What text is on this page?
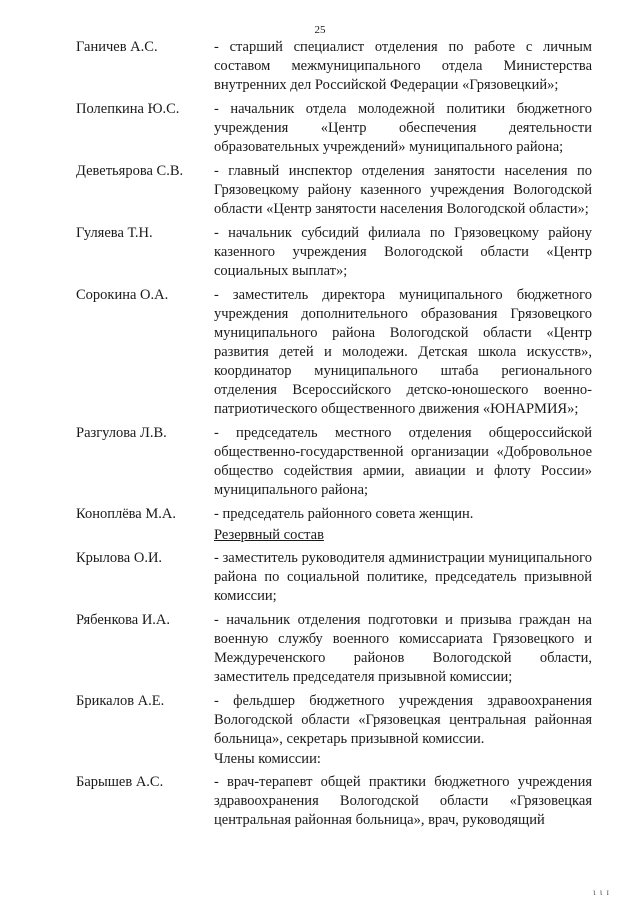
25
Ганичев А.С.	- старший специалист отделения по работе с личным составом межмуниципального отдела Министерства внутренних дел Российской Федерации «Грязовецкий»;
Полепкина Ю.С.	- начальник отдела молодежной политики бюджетного учреждения «Центр обеспечения деятельности образовательных учреждений» муниципального района;
Деветьярова С.В.	- главный инспектор отделения занятости населения по Грязовецкому району казенного учреждения Вологодской области «Центр занятости населения Вологодской области»;
Гуляева Т.Н.	- начальник субсидий филиала по Грязовецкому району казенного учреждения Вологодской области «Центр социальных выплат»;
Сорокина О.А.	- заместитель директора муниципального бюджетного учреждения дополнительного образования Грязовецкого муниципального района Вологодской области «Центр развития детей и молодежи. Детская школа искусств», координатор муниципального штаба регионального отделения Всероссийского детско-юношеского военно-патриотического общественного движения «ЮНАРМИЯ»;
Разгулова Л.В.	- председатель местного отделения общероссийской общественно-государственной организации «Добровольное общество содействия армии, авиации и флоту России» муниципального района;
Коноплёва М.А.	- председатель районного совета женщин.
Резервный состав
Крылова О.И.	- заместитель руководителя администрации муниципального района по социальной политике, председатель призывной комиссии;
Рябенкова И.А.	- начальник отделения подготовки и призыва граждан на военную службу военного комиссариата Грязовецкого и Междуреченского районов Вологодской области, заместитель председателя призывной комиссии;
Брикалов А.Е.	- фельдшер бюджетного учреждения здравоохранения Вологодской области «Грязовецкая центральная районная больница», секретарь призывной комиссии.
Члены комиссии:
Барышев А.С.	- врач-терапевт общей практики бюджетного учреждения здравоохранения Вологодской области «Грязовецкая центральная районная больница», врач, руководящий
ɩ ɩ ɪ
